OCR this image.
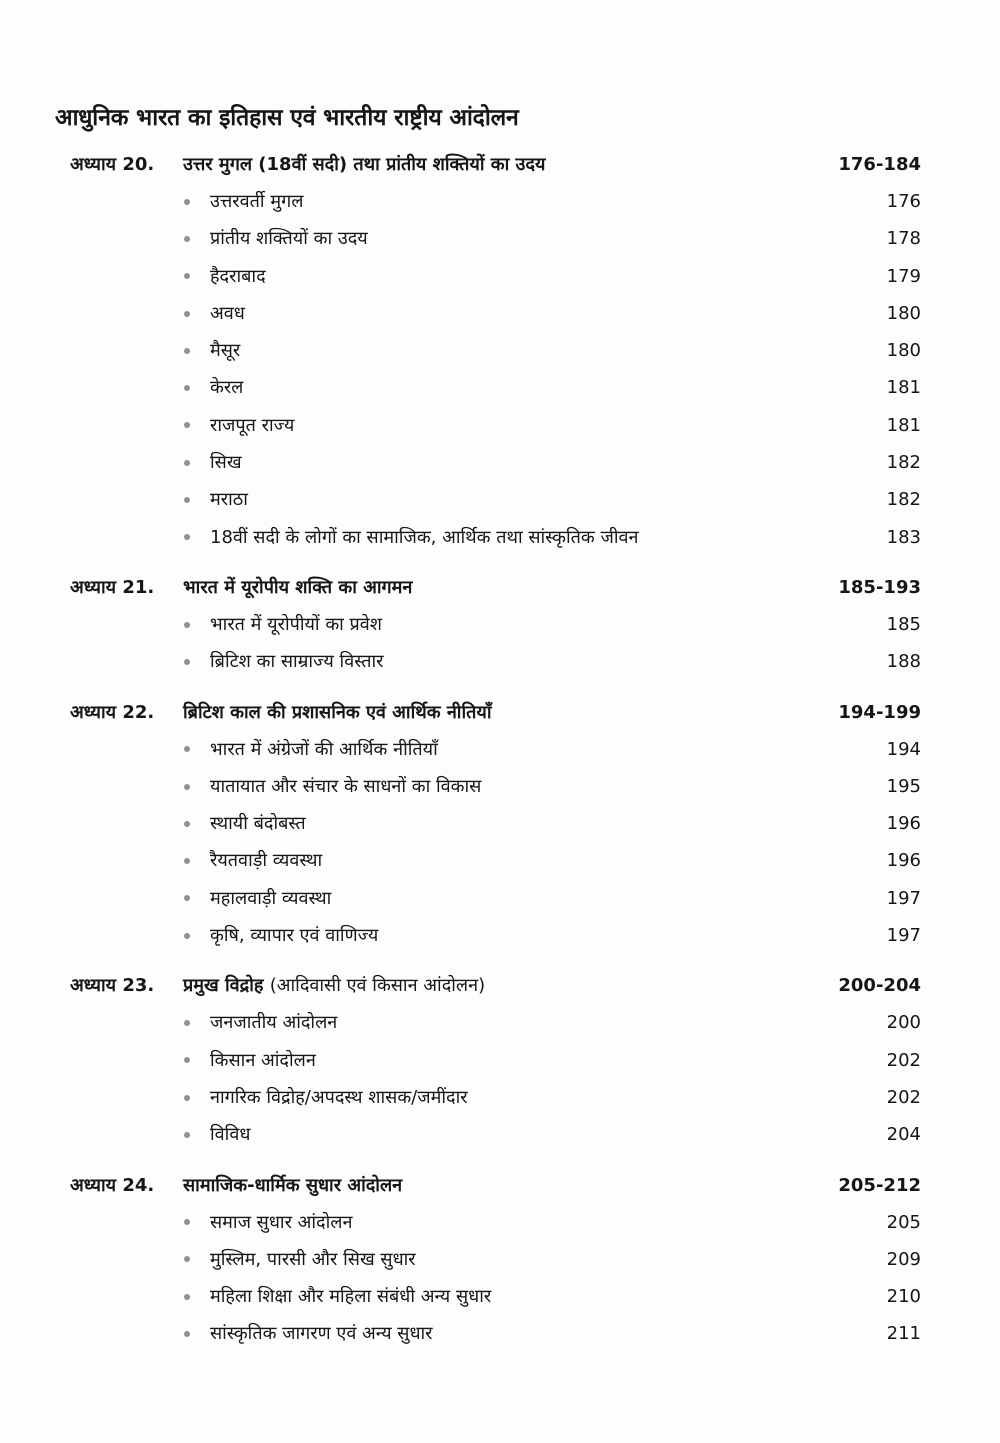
आधुनिक भारत का इतिहास एवं भारतीय राष्ट्रीय आंदोलन
अध्याय 20. उत्तर मुगल (18वीं सदी) तथा प्रांतीय शक्तियों का उदय	176-184
उत्तरवर्ती मुगल	176
प्रांतीय शक्तियों का उदय	178
हैदराबाद	179
अवध	180
मैसूर	180
केरल	181
राजपूत राज्य	181
सिख	182
मराठा	182
18वीं सदी के लोगों का सामाजिक, आर्थिक तथा सांस्कृतिक जीवन	183
अध्याय 21. भारत में यूरोपीय शक्ति का आगमन	185-193
भारत में यूरोपीयों का प्रवेश	185
ब्रिटिश का साम्राज्य विस्तार	188
अध्याय 22. ब्रिटिश काल की प्रशासनिक एवं आर्थिक नीतियाँ	194-199
भारत में अंग्रेजों की आर्थिक नीतियाँ	194
यातायात और संचार के साधनों का विकास	195
स्थायी बंदोबस्त	196
रैयतवाड़ी व्यवस्था	196
महालवाड़ी व्यवस्था	197
कृषि, व्यापार एवं वाणिज्य	197
अध्याय 23. प्रमुख विद्रोह (आदिवासी एवं किसान आंदोलन)	200-204
जनजातीय आंदोलन	200
किसान आंदोलन	202
नागरिक विद्रोह/अपदस्थ शासक/जमींदार	202
विविध	204
अध्याय 24. सामाजिक-धार्मिक सुधार आंदोलन	205-212
समाज सुधार आंदोलन	205
मुस्लिम, पारसी और सिख सुधार	209
महिला शिक्षा और महिला संबंधी अन्य सुधार	210
सांस्कृतिक जागरण एवं अन्य सुधार	211
